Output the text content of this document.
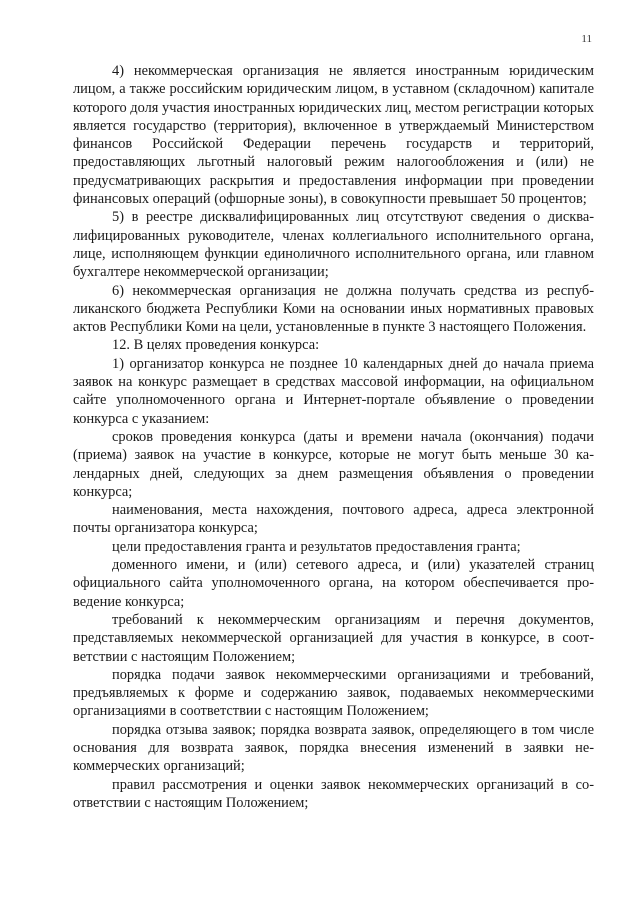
11

4) некоммерческая организация не является иностранным юридическим лицом, а также российским юридическим лицом, в уставном (складочном) капитале которого доля участия иностранных юридических лиц, местом регистрации которых является государство (территория), включенное в утверждаемый Министерством финансов Российской Федерации перечень государств и территорий, предоставляющих льготный налоговый режим налогообложения и (или) не предусматривающих раскрытия и предоставления информации при проведении финансовых операций (офшорные зоны), в совокупности превышает 50 процентов;

5) в реестре дисквалифицированных лиц отсутствуют сведения о дисквалифицированных руководителе, членах коллегиального исполнительного органа, лице, исполняющем функции единоличного исполнительного органа, или главном бухгалтере некоммерческой организации;

6) некоммерческая организация не должна получать средства из республиканского бюджета Республики Коми на основании иных нормативных правовых актов Республики Коми на цели, установленные в пункте 3 настоящего Положения.

12. В целях проведения конкурса:

1) организатор конкурса не позднее 10 календарных дней до начала приема заявок на конкурс размещает в средствах массовой информации, на официальном сайте уполномоченного органа и Интернет-портале объявление о проведении конкурса с указанием:

сроков проведения конкурса (даты и времени начала (окончания) подачи (приема) заявок на участие в конкурсе, которые не могут быть меньше 30 календарных дней, следующих за днем размещения объявления о проведении конкурса;

наименования, места нахождения, почтового адреса, адреса электронной почты организатора конкурса;

цели предоставления гранта и результатов предоставления гранта;

доменного имени, и (или) сетевого адреса, и (или) указателей страниц официального сайта уполномоченного органа, на котором обеспечивается проведение конкурса;

требований к некоммерческим организациям и перечня документов, представляемых некоммерческой организацией для участия в конкурсе, в соответствии с настоящим Положением;

порядка подачи заявок некоммерческими организациями и требований, предъявляемых к форме и содержанию заявок, подаваемых некоммерческими организациями в соответствии с настоящим Положением;

порядка отзыва заявок; порядка возврата заявок, определяющего в том числе основания для возврата заявок, порядка внесения изменений в заявки некоммерческих организаций;

правил рассмотрения и оценки заявок некоммерческих организаций в соответствии с настоящим Положением;
